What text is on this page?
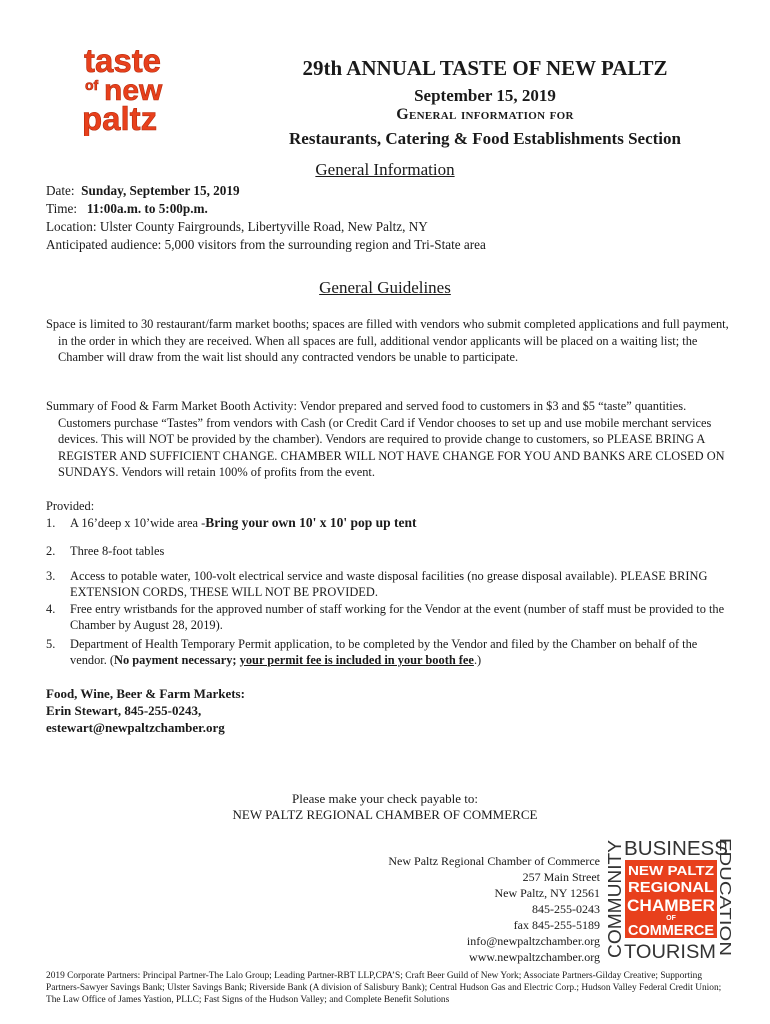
taste
of new
paltz
29th ANNUAL TASTE OF NEW PALTZ
September 15, 2019
General information for
Restaurants, Catering & Food Establishments Section
General Information
Date: Sunday, September 15, 2019
Time: 11:00a.m. to 5:00p.m.
Location: Ulster County Fairgrounds, Libertyville Road, New Paltz, NY
Anticipated audience: 5,000 visitors from the surrounding region and Tri-State area
General Guidelines
Space is limited to 30 restaurant/farm market booths; spaces are filled with vendors who submit completed applications and full payment, in the order in which they are received. When all spaces are full, additional vendor applicants will be placed on a waiting list; the Chamber will draw from the wait list should any contracted vendors be unable to participate.
Summary of Food & Farm Market Booth Activity: Vendor prepared and served food to customers in $3 and $5 “taste” quantities. Customers purchase “Tastes” from vendors with Cash (or Credit Card if Vendor chooses to set up and use mobile merchant services devices. This will NOT be provided by the chamber). Vendors are required to provide change to customers, so PLEASE BRING A REGISTER AND SUFFICIENT CHANGE. CHAMBER WILL NOT HAVE CHANGE FOR YOU AND BANKS ARE CLOSED ON SUNDAYS. Vendors will retain 100% of profits from the event.
Provided:
1. A 16’deep x 10’wide area -Bring your own 10' x 10' pop up tent
2. Three 8-foot tables
3. Access to potable water, 100-volt electrical service and waste disposal facilities (no grease disposal available). PLEASE BRING EXTENSION CORDS, THESE WILL NOT BE PROVIDED.
4. Free entry wristbands for the approved number of staff working for the Vendor at the event (number of staff must be provided to the Chamber by August 28, 2019).
5. Department of Health Temporary Permit application, to be completed by the Vendor and filed by the Chamber on behalf of the vendor. (No payment necessary; your permit fee is included in your booth fee.)
Food, Wine, Beer & Farm Markets:
Erin Stewart, 845-255-0243,
estewart@newpaltzchamber.org
Please make your check payable to:
NEW PALTZ REGIONAL CHAMBER OF COMMERCE
New Paltz Regional Chamber of Commerce
257 Main Street
New Paltz, NY 12561
845-255-0243
fax 845-255-5189
info@newpaltzchamber.org
www.newpaltzchamber.org
BUSINESS
COMMUNITY	EDUCATION
TOURISM
NEW PALTZ
REGIONAL
CHAMBER
OF
COMMERCE
2019 Corporate Partners: Principal Partner-The Lalo Group; Leading Partner-RBT LLP,CPA’S; Craft Beer Guild of New York; Associate Partners-Gilday Creative; Supporting Partners-Sawyer Savings Bank; Ulster Savings Bank; Riverside Bank (A division of Salisbury Bank); Central Hudson Gas and Electric Corp.; Hudson Valley Federal Credit Union; The Law Office of James Yastion, PLLC; Fast Signs of the Hudson Valley; and Complete Benefit Solutions
